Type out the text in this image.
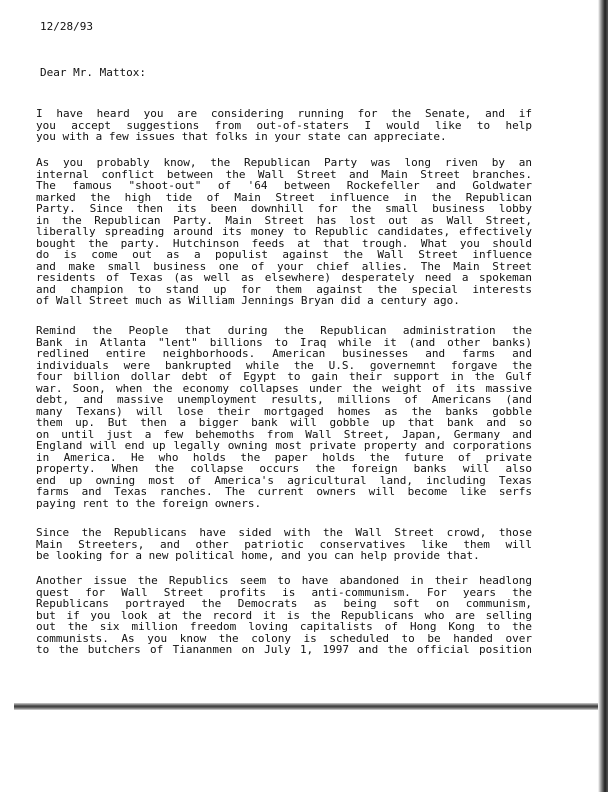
12/28/93
Dear Mr. Mattox:
I have heard you are considering running for the Senate, and if
you accept suggestions from out-of-staters I would like to help
you with a few issues that folks in your state can appreciate.
As you probably know, the Republican Party was long riven by an
internal conflict between the Wall Street and Main Street branches.
The famous "shoot-out" of '64 between Rockefeller and Goldwater
marked the high tide of Main Street influence in the Republican
Party. Since then its been downhill for the small business lobby
in the Republican Party. Main Street has lost out as Wall Street,
liberally spreading around its money to Republic candidates, effectively
bought the party. Hutchinson feeds at that trough. What you should
do is come out as a populist against the Wall Street influence
and make small business one of your chief allies. The Main Street
residents of Texas (as well as elsewhere) desperately need a spokeman
and champion to stand up for them against the special interests
of Wall Street much as William Jennings Bryan did a century ago.
Remind the People that during the Republican administration the
Bank in Atlanta "lent" billions to Iraq while it (and other banks)
redlined entire neighborhoods. American businesses and farms and
individuals were bankrupted while the U.S. governemnt forgave the
four billion dollar debt of Egypt to gain their support in the Gulf
war. Soon, when the economy collapses under the weight of its massive
debt, and massive unemployment results, millions of Americans (and
many Texans) will lose their mortgaged homes as the banks gobble
them up. But then a bigger bank will gobble up that bank and so
on until just a few behemoths from Wall Street, Japan, Germany and
England will end up legally owning most private property and corporations
in America. He who holds the paper holds the future of private
property. When the collapse occurs the foreign banks will also
end up owning most of America's agricultural land, including Texas
farms and Texas ranches. The current owners will become like serfs
paying rent to the foreign owners.
Since the Republicans have sided with the Wall Street crowd, those
Main Streeters, and other patriotic conservatives like them will
be looking for a new political home, and you can help provide that.
Another issue the Republics seem to have abandoned in their headlong
quest for Wall Street profits is anti-communism. For years the
Republicans portrayed the Democrats as being soft on communism,
but if you look at the record it is the Republicans who are selling
out the six million freedom loving capitalists of Hong Kong to the
communists. As you know the colony is scheduled to be handed over
to the butchers of Tiananmen on July 1, 1997 and the official position
